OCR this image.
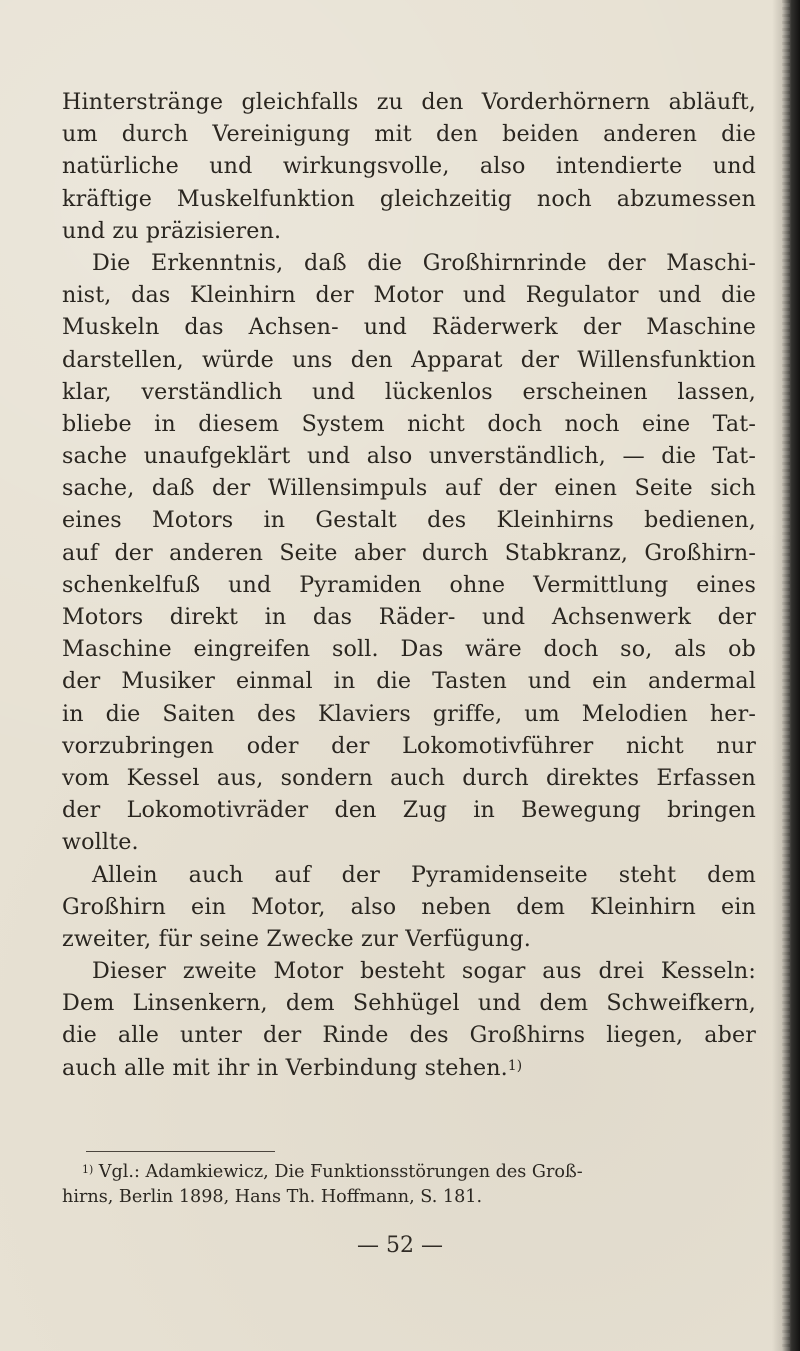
Hinterstränge gleichfalls zu den Vorderhörnern abläuft,
um durch Vereinigung mit den beiden anderen die
natürliche und wirkungsvolle, also intendierte und
kräftige Muskelfunktion gleichzeitig noch abzumessen
und zu präzisieren.
Die Erkenntnis, daß die Großhirnrinde der Maschi-
nist, das Kleinhirn der Motor und Regulator und die
Muskeln das Achsen- und Räderwerk der Maschine
darstellen, würde uns den Apparat der Willensfunktion
klar, verständlich und lückenlos erscheinen lassen,
bliebe in diesem System nicht doch noch eine Tat-
sache unaufgeklärt und also unverständlich, — die Tat-
sache, daß der Willensimpuls auf der einen Seite sich
eines Motors in Gestalt des Kleinhirns bedienen,
auf der anderen Seite aber durch Stabkranz, Großhirn-
schenkelfuß und Pyramiden ohne Vermittlung eines
Motors direkt in das Räder- und Achsenwerk der
Maschine eingreifen soll. Das wäre doch so, als ob
der Musiker einmal in die Tasten und ein andermal
in die Saiten des Klaviers griffe, um Melodien her-
vorzubringen oder der Lokomotivführer nicht nur
vom Kessel aus, sondern auch durch direktes Erfassen
der Lokomotivräder den Zug in Bewegung bringen
wollte.
Allein auch auf der Pyramidenseite steht dem
Großhirn ein Motor, also neben dem Kleinhirn ein
zweiter, für seine Zwecke zur Verfügung.
Dieser zweite Motor besteht sogar aus drei Kesseln:
Dem Linsenkern, dem Sehhügel und dem Schweifkern,
die alle unter der Rinde des Großhirns liegen, aber
auch alle mit ihr in Verbindung stehen.$^{1)}$
$^{1)}$ Vgl.: Adamkiewicz, Die Funktionsstörungen des Groß-
hirns, Berlin 1898, Hans Th. Hoffmann, S. 181.
— 52 —
